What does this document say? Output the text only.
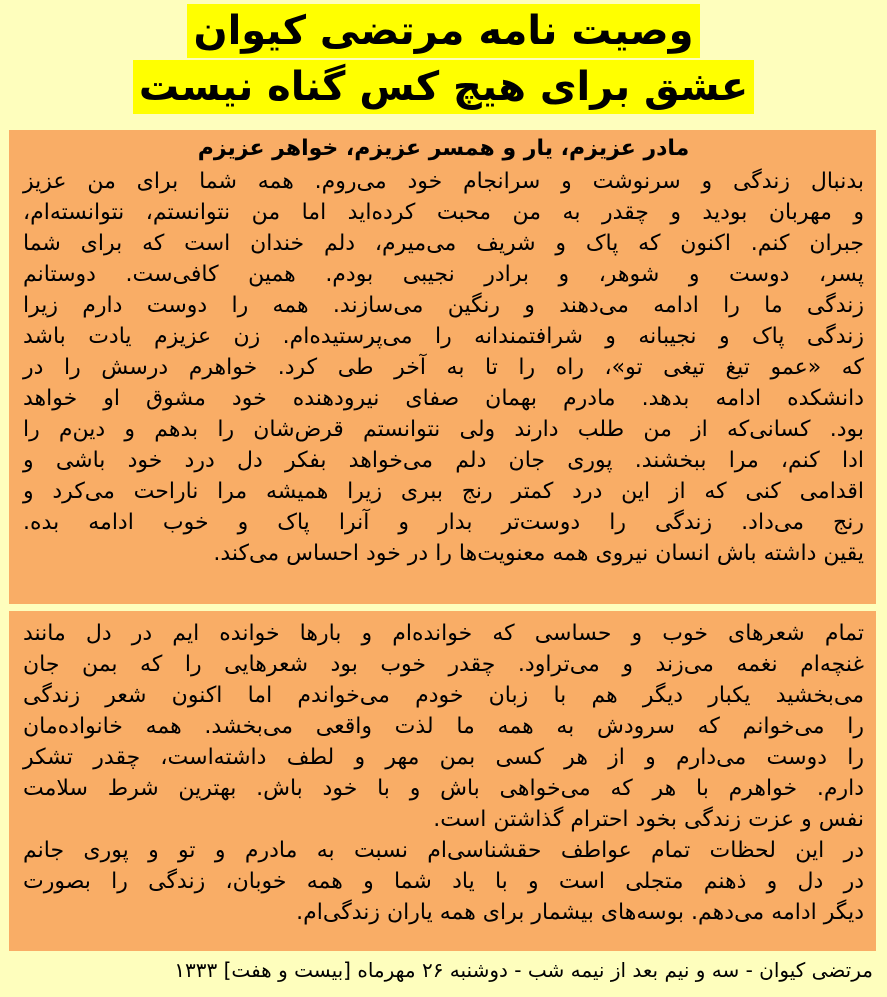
وصیت نامه مرتضی کیوان
عشق برای هیچ کس گناه نیست
مادر عزیزم، یار و همسر عزیزم، خواهر عزیزم
بدنبال زندگی و سرنوشت و سرانجام خود می‌روم. همه شما برای من عزیز
و مهربان بودید و چقدر به من محبت کرده‌اید اما من نتوانستم، نتوانسته‌ام،
جبران کنم. اکنون که پاک و شریف می‌میرم، دلم خندان است که برای شما
پسر، دوست و شوهر، و برادر نجیبی بودم. همین کافی‌ست. دوستانم
زندگی ما را ادامه می‌دهند و رنگین می‌سازند. همه را دوست دارم زیرا
زندگی پاک و نجیبانه و شرافتمندانه را می‌پرستیده‌ام. زن عزیزم یادت باشد
که «عمو تیغ تیغی تو»، راه را تا به آخر طی کرد. خواهرم درسش را در
دانشکده ادامه بدهد. مادرم بهمان صفای نیرودهنده خود مشوق او خواهد
بود. کسانی‌که از من طلب دارند ولی نتوانستم قرض‌شان را بدهم و دین‌م را
ادا کنم، مرا ببخشند. پوری جان دلم می‌خواهد بفکر دل درد خود باشی و
اقدامی کنی که از این درد کمتر رنج ببری زیرا همیشه مرا ناراحت می‌کرد و
رنج می‌داد. زندگی را دوست‌تر بدار و آنرا پاک و خوب ادامه بده.
یقین داشته باش انسان نیروی همه معنویت‌ها را در خود احساس می‌کند.
تمام شعرهای خوب و حساسی که خوانده‌ام و بارها خوانده ایم در دل مانند
غنچه‌ام نغمه می‌زند و می‌تراود. چقدر خوب بود شعرهایی را که بمن جان
می‌بخشید یکبار دیگر هم با زبان خودم می‌خواندم اما اکنون شعر زندگی
را می‌خوانم که سرودش به همه ما لذت واقعی می‌بخشد. همه خانواده‌مان
را دوست می‌دارم و از هر کسی بمن مهر و لطف داشته‌است، چقدر تشکر
دارم. خواهرم با هر که می‌خواهی باش و با خود باش. بهترین شرط سلامت
نفس و عزت زندگی بخود احترام گذاشتن است.
در این لحظات تمام عواطف حقشناسی‌ام نسبت به مادرم و تو و پوری جانم
در دل و ذهنم متجلی است و با یاد شما و همه خوبان، زندگی را بصورت
دیگر ادامه می‌دهم. بوسه‌های بیشمار برای همه یاران زندگی‌ام.
مرتضی کیوان - سه و نیم بعد از نیمه شب - دوشنبه ۲۶ مهرماه [بیست و هفت] ۱۳۳۳
